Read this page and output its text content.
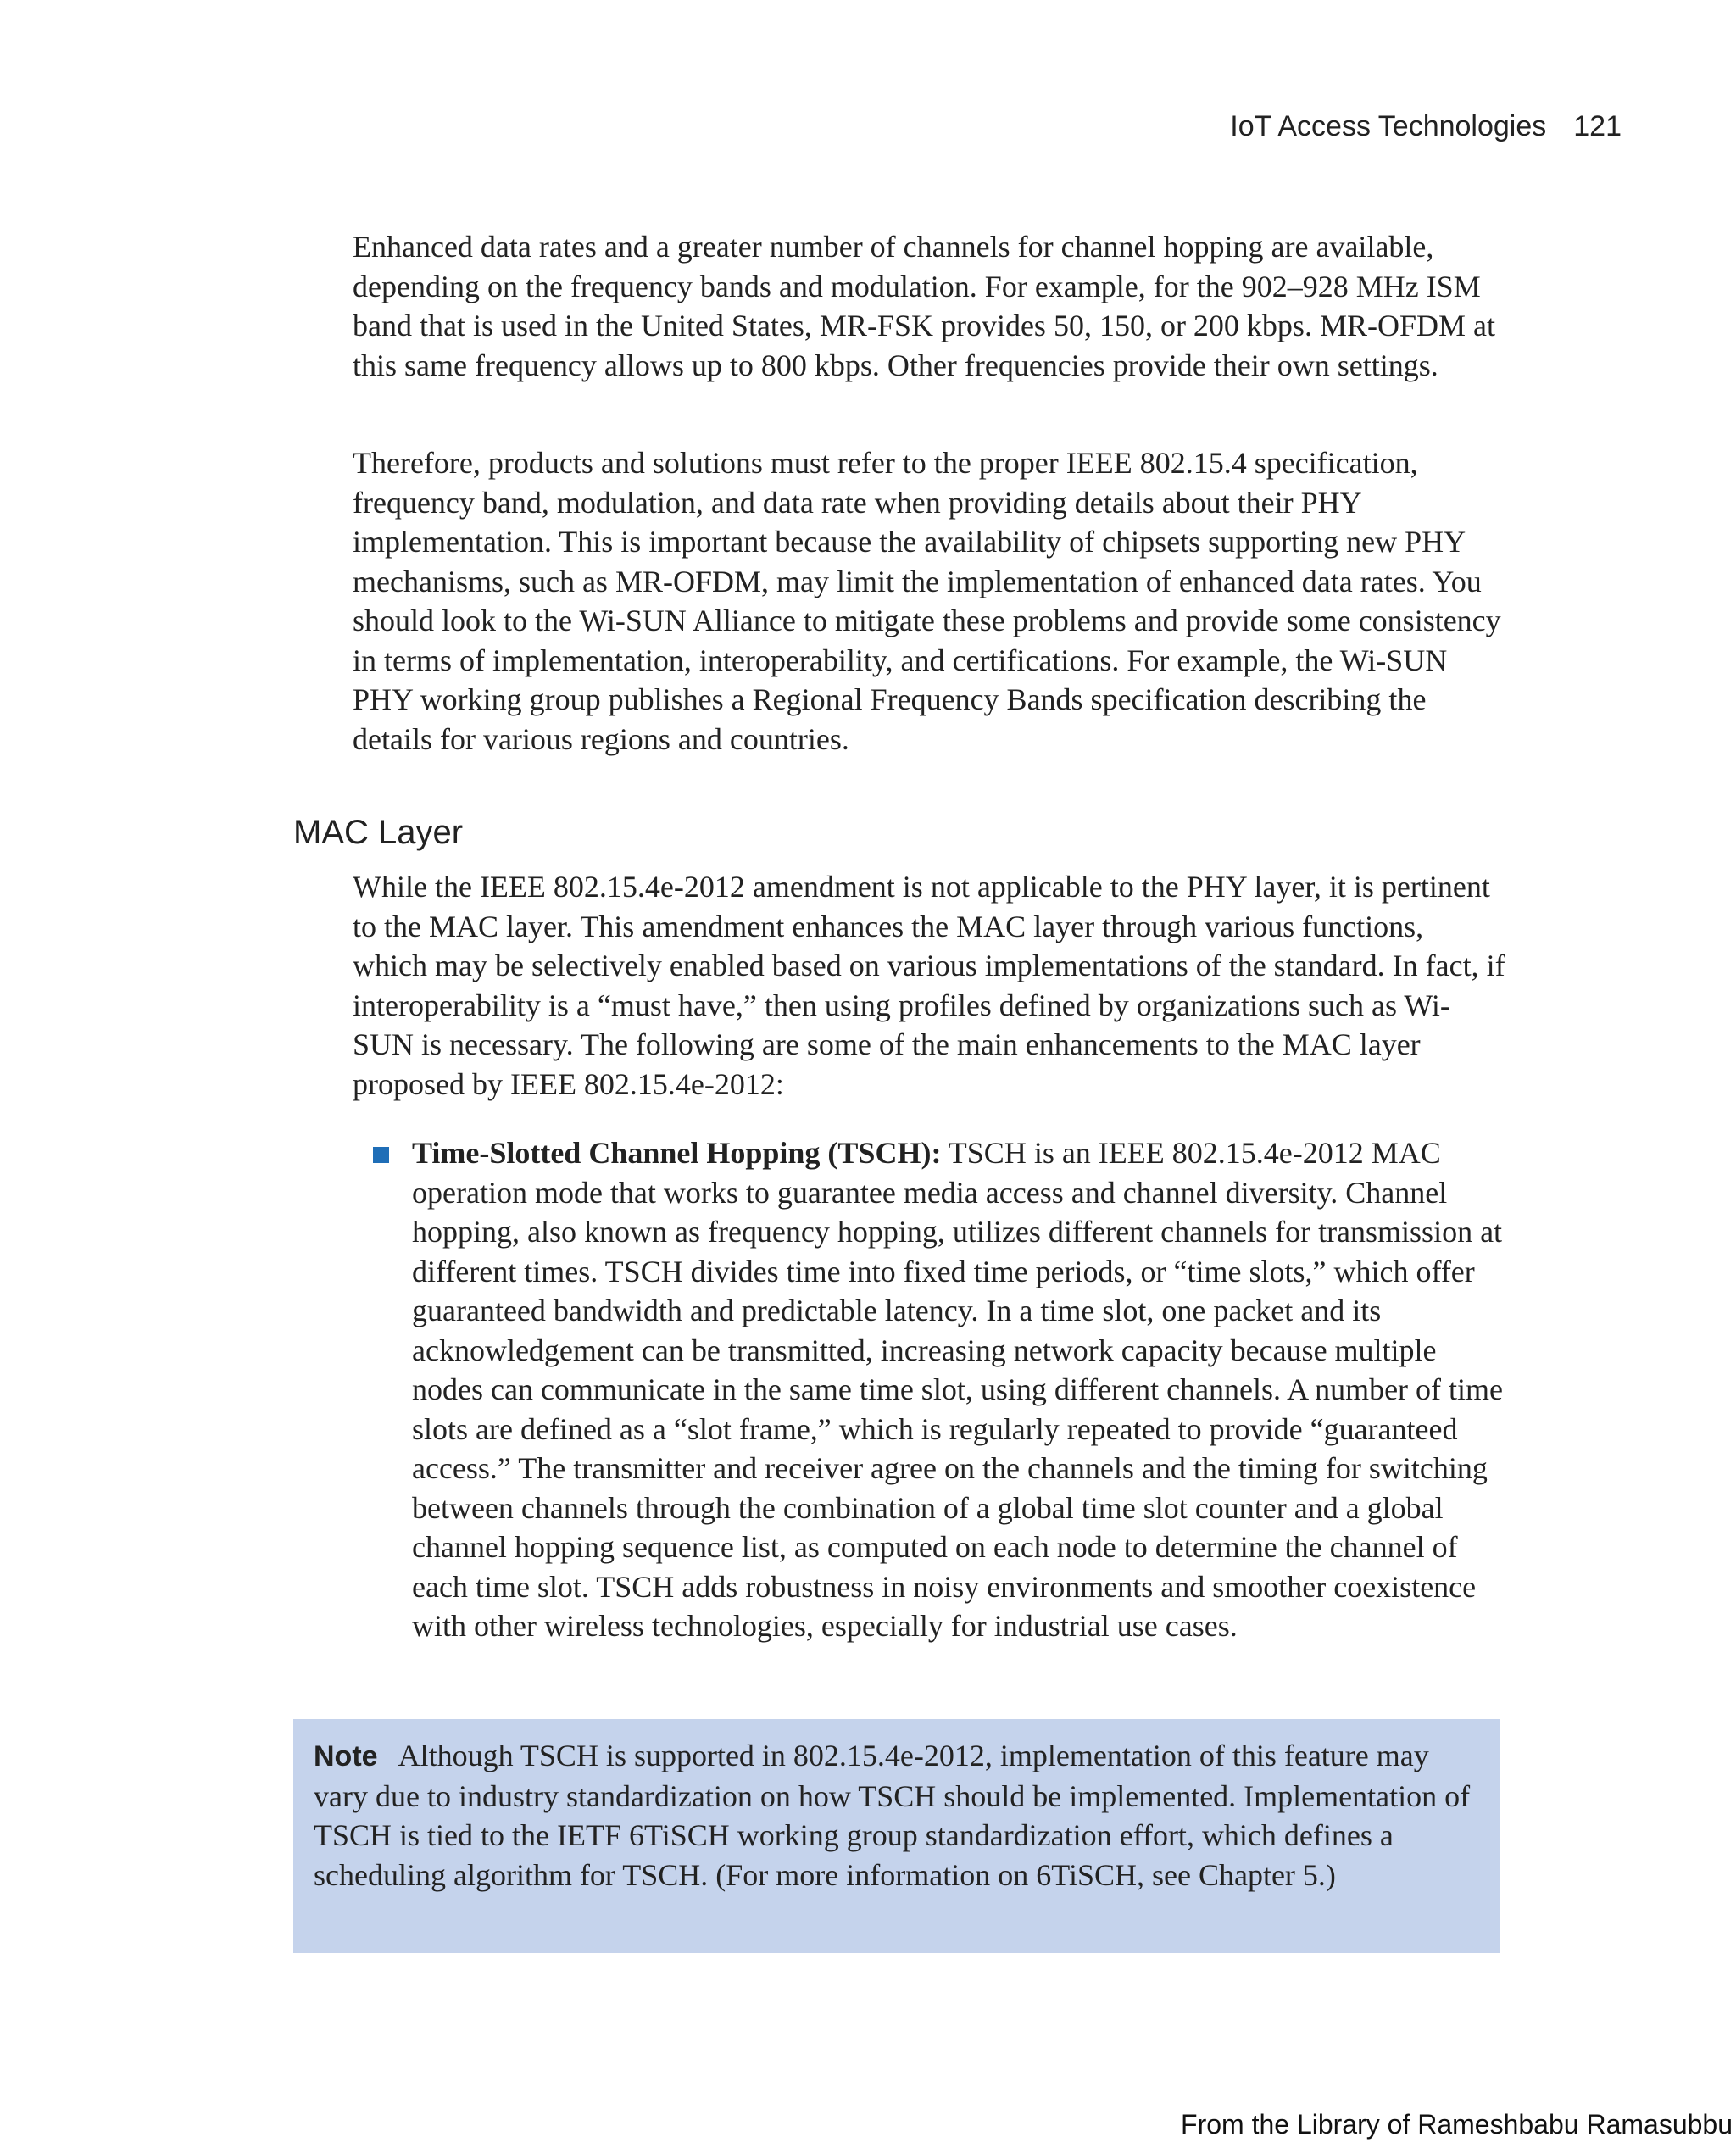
IoT Access Technologies 121

Enhanced data rates and a greater number of channels for channel hopping are available, depending on the frequency bands and modulation. For example, for the 902–928 MHz ISM band that is used in the United States, MR-FSK provides 50, 150, or 200 kbps. MR-OFDM at this same frequency allows up to 800 kbps. Other frequencies provide their own settings.

Therefore, products and solutions must refer to the proper IEEE 802.15.4 specification, frequency band, modulation, and data rate when providing details about their PHY implementation. This is important because the availability of chipsets supporting new PHY mechanisms, such as MR-OFDM, may limit the implementation of enhanced data rates. You should look to the Wi-SUN Alliance to mitigate these problems and provide some consistency in terms of implementation, interoperability, and certifications. For example, the Wi-SUN PHY working group publishes a Regional Frequency Bands specification describing the details for various regions and countries.

MAC Layer

While the IEEE 802.15.4e-2012 amendment is not applicable to the PHY layer, it is pertinent to the MAC layer. This amendment enhances the MAC layer through various functions, which may be selectively enabled based on various implementations of the standard. In fact, if interoperability is a “must have,” then using profiles defined by organizations such as Wi-SUN is necessary. The following are some of the main enhancements to the MAC layer proposed by IEEE 802.15.4e-2012:

Time-Slotted Channel Hopping (TSCH): TSCH is an IEEE 802.15.4e-2012 MAC operation mode that works to guarantee media access and channel diversity. Channel hopping, also known as frequency hopping, utilizes different channels for transmission at different times. TSCH divides time into fixed time periods, or “time slots,” which offer guaranteed bandwidth and predictable latency. In a time slot, one packet and its acknowledgement can be transmitted, increasing network capacity because multiple nodes can communicate in the same time slot, using different channels. A number of time slots are defined as a “slot frame,” which is regularly repeated to provide “guaranteed access.” The transmitter and receiver agree on the channels and the timing for switching between channels through the combination of a global time slot counter and a global channel hopping sequence list, as computed on each node to determine the channel of each time slot. TSCH adds robustness in noisy environments and smoother coexistence with other wireless technologies, especially for industrial use cases.
Note Although TSCH is supported in 802.15.4e-2012, implementation of this feature may vary due to industry standardization on how TSCH should be implemented. Implementation of TSCH is tied to the IETF 6TiSCH working group standardization effort, which defines a scheduling algorithm for TSCH. (For more information on 6TiSCH, see Chapter 5.)
From the Library of Rameshbabu Ramasubbu
